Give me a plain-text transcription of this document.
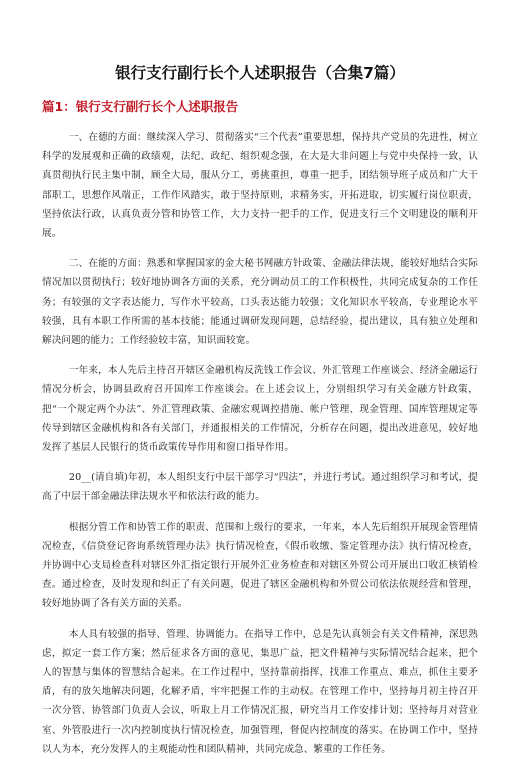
银行支行副行长个人述职报告（合集7篇）
篇1：银行支行副行长个人述职报告

一、在德的方面：继续深入学习、贯彻落实“三个代表”重要思想，保持共产党员的先进性，树立科学的发展观和正确的政绩观，法纪、政纪、组织观念强，在大是大非问题上与党中央保持一致，认真贯彻执行民主集中制，顾全大局，服从分工，勇挑重担，尊重一把手，团结领导班子成员和广大干部职工，思想作风端正，工作作风踏实，敢于坚持原则，求精务实，开拓进取，切实履行岗位职责，坚持依法行政，认真负责分管和协管工作，大力支持一把手的工作，促进支行三个文明建设的顺利开展。

二、在能的方面：熟悉和掌握国家的金大秘书网融方针政策、金融法律法规，能较好地结合实际情况加以贯彻执行；较好地协调各方面的关系，充分调动员工的工作积极性，共同完成复杂的工作任务；有较强的文字表达能力，写作水平较高，口头表达能力较强；文化知识水平较高，专业理论水平较强，具有本职工作所需的基本技能；能通过调研发现问题，总结经验，提出建议，具有独立处理和解决问题的能力；工作经验较丰富，知识面较宽。

一年来，本人先后主持召开辖区金融机构反洗钱工作会议、外汇管理工作座谈会、经济金融运行情况分析会，协调县政府召开国库工作座谈会。在上述会议上，分别组织学习有关金融方针政策，把“一个规定两个办法”、外汇管理政策、金融宏观调控措施、帐户管理、现金管理、国库管理规定等传导到辖区金融机构和各有关部门，并通报相关的工作情况，分析存在问题，提出改进意见，较好地发挥了基层人民银行的货币政策传导作用和窗口指导作用。

20__(请自填)年初，本人组织支行中层干部学习“四法”，并进行考试。通过组织学习和考试，提高了中层干部金融法律法规水平和依法行政的能力。

根据分管工作和协管工作的职责、范围和上级行的要求，一年来，本人先后组织开展现金管理情况检查，《信贷登记咨询系统管理办法》执行情况检查，《假币收缴、鉴定管理办法》执行情况检查，并协调中心支局检查科对辖区外汇指定银行开展外汇业务检查和对辖区外贸公司开展出口收汇核销检查。通过检查，及时发现和纠正了有关问题，促进了辖区金融机构和外贸公司依法依规经营和管理，较好地协调了各有关方面的关系。

本人具有较强的指导、管理、协调能力。在指导工作中，总是先认真领会有关文件精神，深思熟虑，拟定一套工作方案；然后征求各方面的意见，集思广益，把文件精神与实际情况结合起来，把个人的智慧与集体的智慧结合起来。在工作过程中，坚持靠前指挥，找准工作重点、难点，抓住主要矛盾，有的放矢地解决问题，化解矛盾，牢牢把握工作的主动权。在管理工作中，坚持每月初主持召开一次分管、协管部门负责人会议，听取上月工作情况汇报，研究当月工作安排计划；坚持每月对营业室、外管股进行一次内控制度执行情况检查，加强管理，督促内控制度的落实。在协调工作中，坚持以人为本，充分发挥人的主观能动性和团队精神，共同完成急、繁重的工作任务。
